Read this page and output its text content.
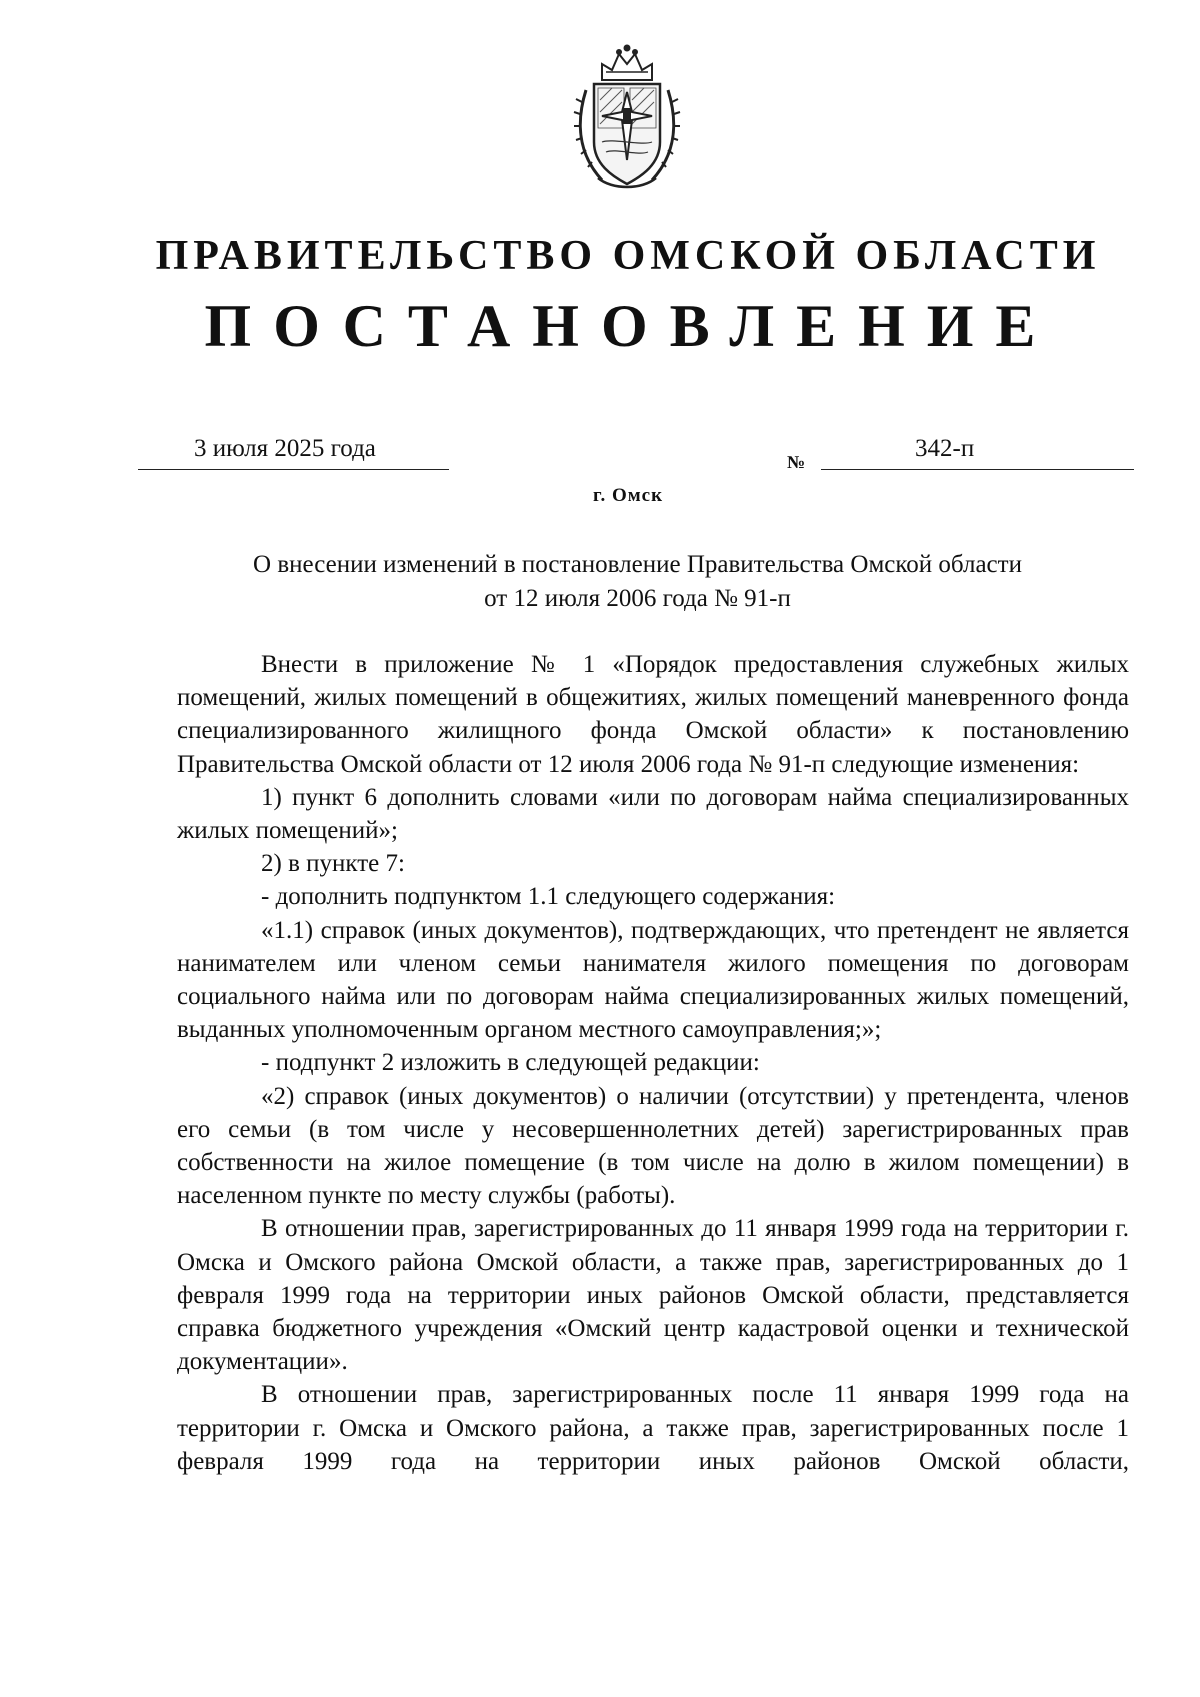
ПРАВИТЕЛЬСТВО ОМСКОЙ ОБЛАСТИ
ПОСТАНОВЛЕНИЕ
3 июля 2025 года	№	342-п
г. Омск
О внесении изменений в постановление Правительства Омской области
от 12 июля 2006 года № 91-п

Внести в приложение № 1 «Порядок предоставления служебных жилых помещений, жилых помещений в общежитиях, жилых помещений маневренного фонда специализированного жилищного фонда Омской области» к постановлению Правительства Омской области от 12 июля 2006 года № 91-п следующие изменения:

1) пункт 6 дополнить словами «или по договорам найма специализированных жилых помещений»;

2) в пункте 7:

- дополнить подпунктом 1.1 следующего содержания:

«1.1) справок (иных документов), подтверждающих, что претендент не является нанимателем или членом семьи нанимателя жилого помещения по договорам социального найма или по договорам найма специализированных жилых помещений, выданных уполномоченным органом местного самоуправления;»;

- подпункт 2 изложить в следующей редакции:

«2) справок (иных документов) о наличии (отсутствии) у претендента, членов его семьи (в том числе у несовершеннолетних детей) зарегистрированных прав собственности на жилое помещение (в том числе на долю в жилом помещении) в населенном пункте по месту службы (работы).

В отношении прав, зарегистрированных до 11 января 1999 года на территории г. Омска и Омского района Омской области, а также прав, зарегистрированных до 1 февраля 1999 года на территории иных районов Омской области, представляется справка бюджетного учреждения «Омский центр кадастровой оценки и технической документации».

В отношении прав, зарегистрированных после 11 января 1999 года на территории г. Омска и Омского района, а также прав, зарегистрированных после 1 февраля 1999 года на территории иных районов Омской области,
